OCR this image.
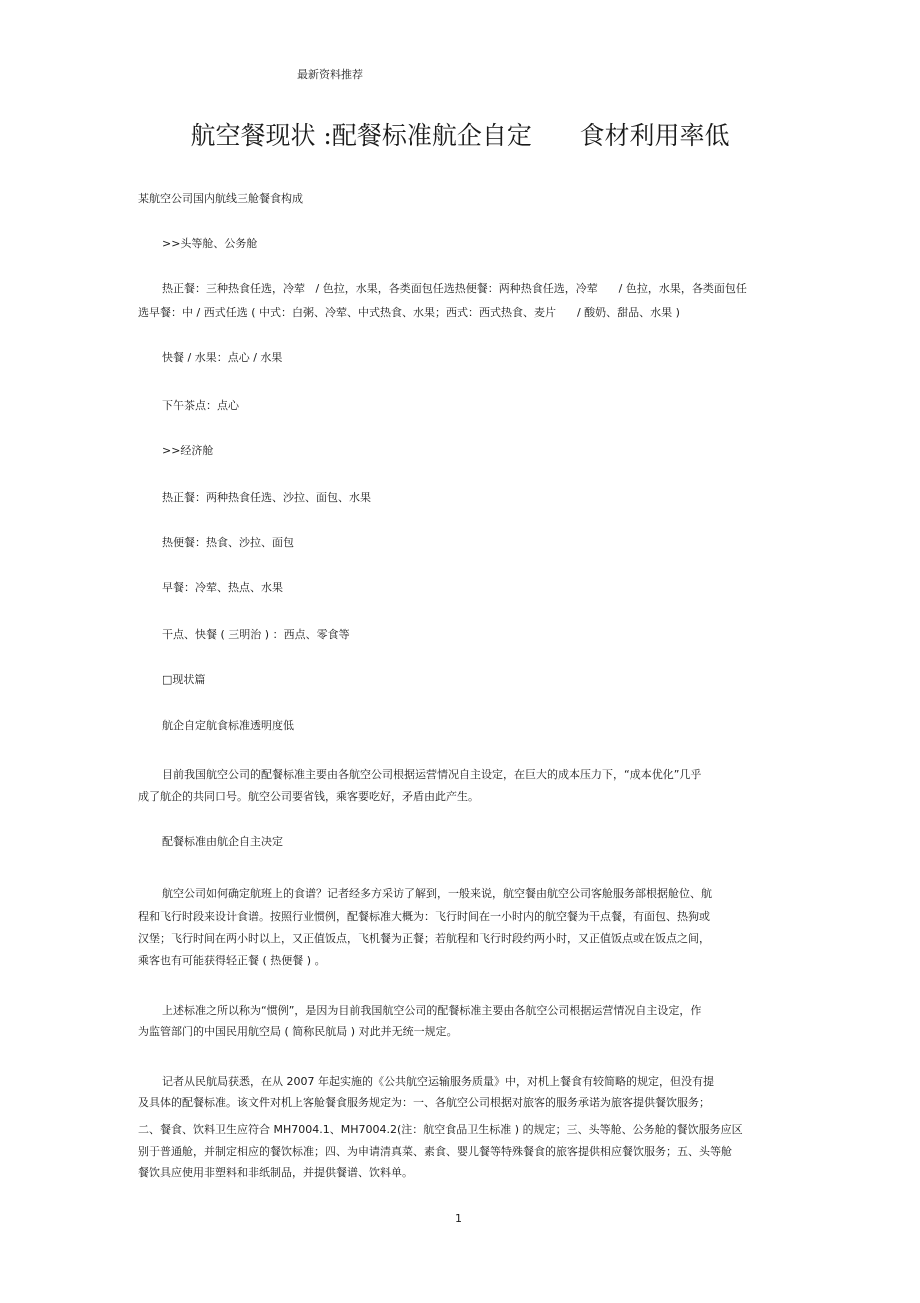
最新资料推荐
航空餐现状 :配餐标准航企自定      食材利用率低
某航空公司国内航线三舱餐食构成
>>头等舱、公务舱
热正餐：三种热食任选，冷荤   / 色拉，水果，各类面包任选热便餐：两种热食任选，冷荤      / 色拉，水果，各类面包任
选早餐：中 / 西式任选 ( 中式：白粥、冷荤、中式热食、水果；西式：西式热食、麦片      / 酸奶、甜品、水果 )
快餐 / 水果：点心 / 水果
下午茶点：点心
>>经济舱
热正餐：两种热食任选、沙拉、面包、水果
热便餐：热食、沙拉、面包
早餐：冷荤、热点、水果
干点、快餐 ( 三明治 ) ：西点、零食等
□现状篇
航企自定航食标准透明度低
目前我国航空公司的配餐标准主要由各航空公司根据运营情况自主设定，在巨大的成本压力下，“成本优化”几乎
成了航企的共同口号。航空公司要省钱，乘客要吃好，矛盾由此产生。
配餐标准由航企自主决定
航空公司如何确定航班上的食谱？记者经多方采访了解到，一般来说，航空餐由航空公司客舱服务部根据舱位、航
程和飞行时段来设计食谱。按照行业惯例，配餐标准大概为：飞行时间在一小时内的航空餐为干点餐，有面包、热狗或
汉堡；飞行时间在两小时以上，又正值饭点，飞机餐为正餐；若航程和飞行时段约两小时，又正值饭点或在饭点之间，
乘客也有可能获得轻正餐 ( 热便餐 ) 。
上述标准之所以称为“惯例”，是因为目前我国航空公司的配餐标准主要由各航空公司根据运营情况自主设定，作
为监管部门的中国民用航空局 ( 简称民航局 ) 对此并无统一规定。
记者从民航局获悉，在从 2007 年起实施的《公共航空运输服务质量》中，对机上餐食有较简略的规定，但没有提
及具体的配餐标准。该文件对机上客舱餐食服务规定为：一、各航空公司根据对旅客的服务承诺为旅客提供餐饮服务；
二、餐食、饮料卫生应符合 MH7004.1、MH7004.2(注：航空食品卫生标准 ) 的规定；三、头等舱、公务舱的餐饮服务应区
别于普通舱，并制定相应的餐饮标准；四、为申请清真菜、素食、婴儿餐等特殊餐食的旅客提供相应餐饮服务；五、头等舱
餐饮具应使用非塑料和非纸制品，并提供餐谱、饮料单。
1
